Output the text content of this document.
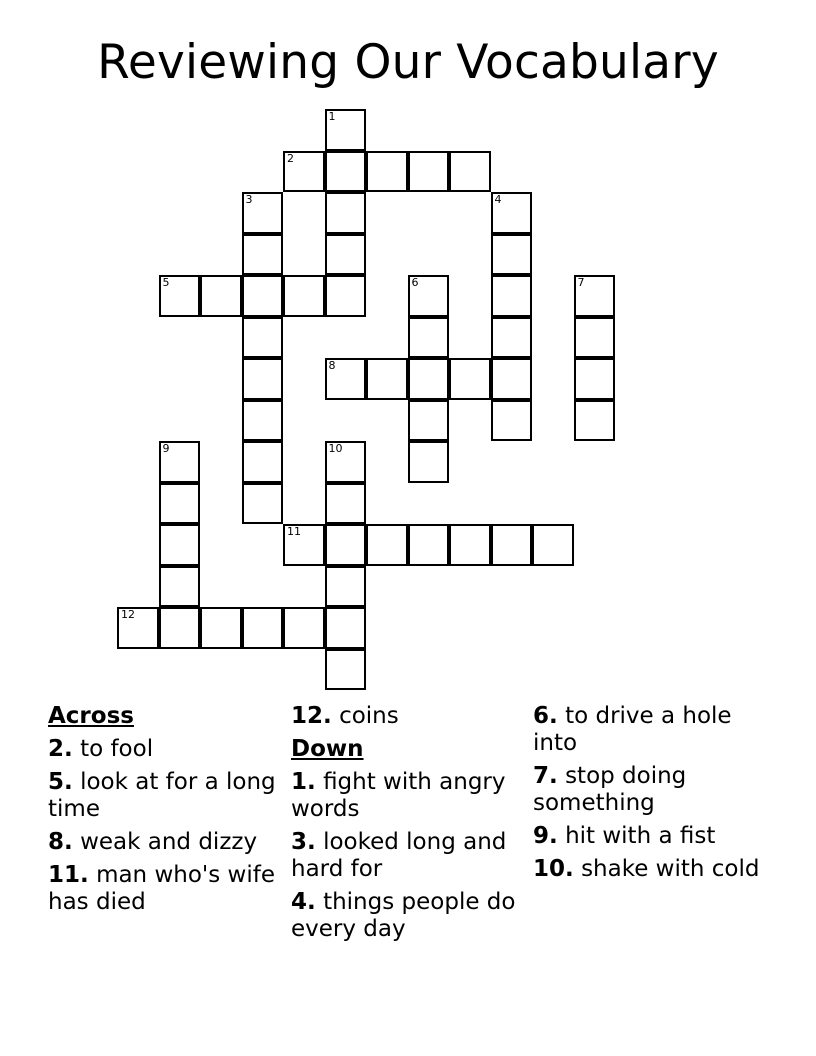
Reviewing Our Vocabulary
1
2
3	4
5	6	7
8
9	10
11
12
Across
2. to fool
5. look at for a long time
8. weak and dizzy
11. man who's wife has died
12. coins
Down
1. fight with angry words
3. looked long and hard for
4. things people do every day
6. to drive a hole into
7. stop doing something
9. hit with a fist
10. shake with cold
